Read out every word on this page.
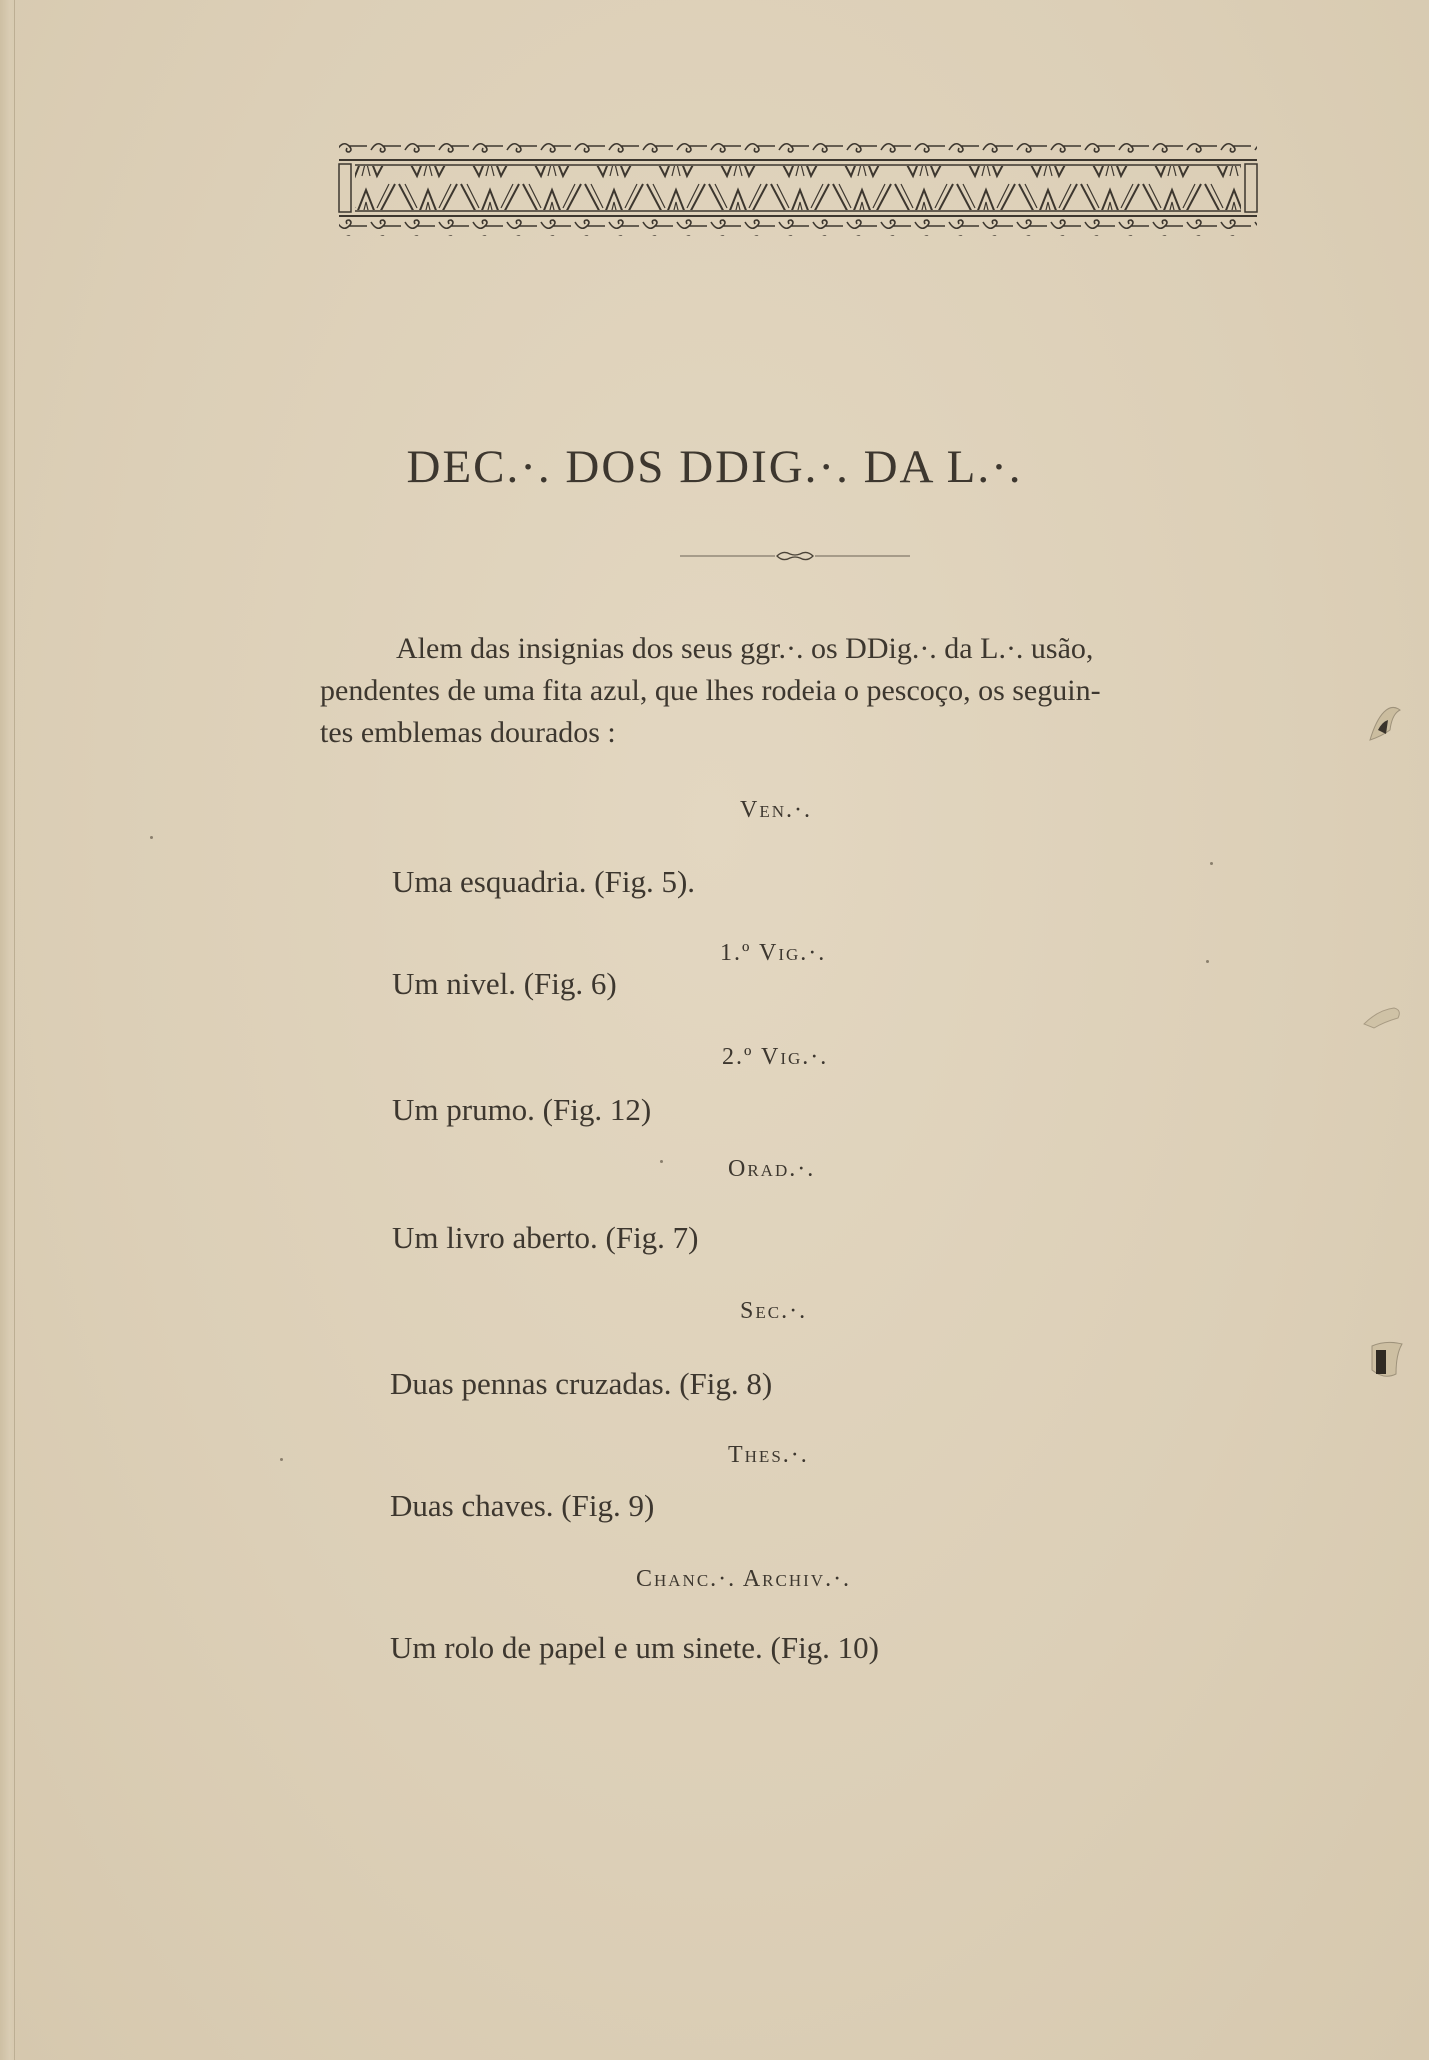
DEC.·. DOS DDIG.·. DA L.·.
Alem das insignias dos seus ggr.·. os DDig.·. da L.·. usão,
pendentes de uma fita azul, que lhes rodeia o pescoço, os seguin-
tes emblemas dourados :
Ven.·.
Uma esquadria. (Fig. 5).
1.º Vig.·.
Um nivel. (Fig. 6)
2.º Vig.·.
Um prumo. (Fig. 12)
Orad.·.
Um livro aberto. (Fig. 7)
Sec.·.
Duas pennas cruzadas. (Fig. 8)
Thes.·.
Duas chaves. (Fig. 9)
Chanc.·. Archiv.·.
Um rolo de papel e um sinete. (Fig. 10)
